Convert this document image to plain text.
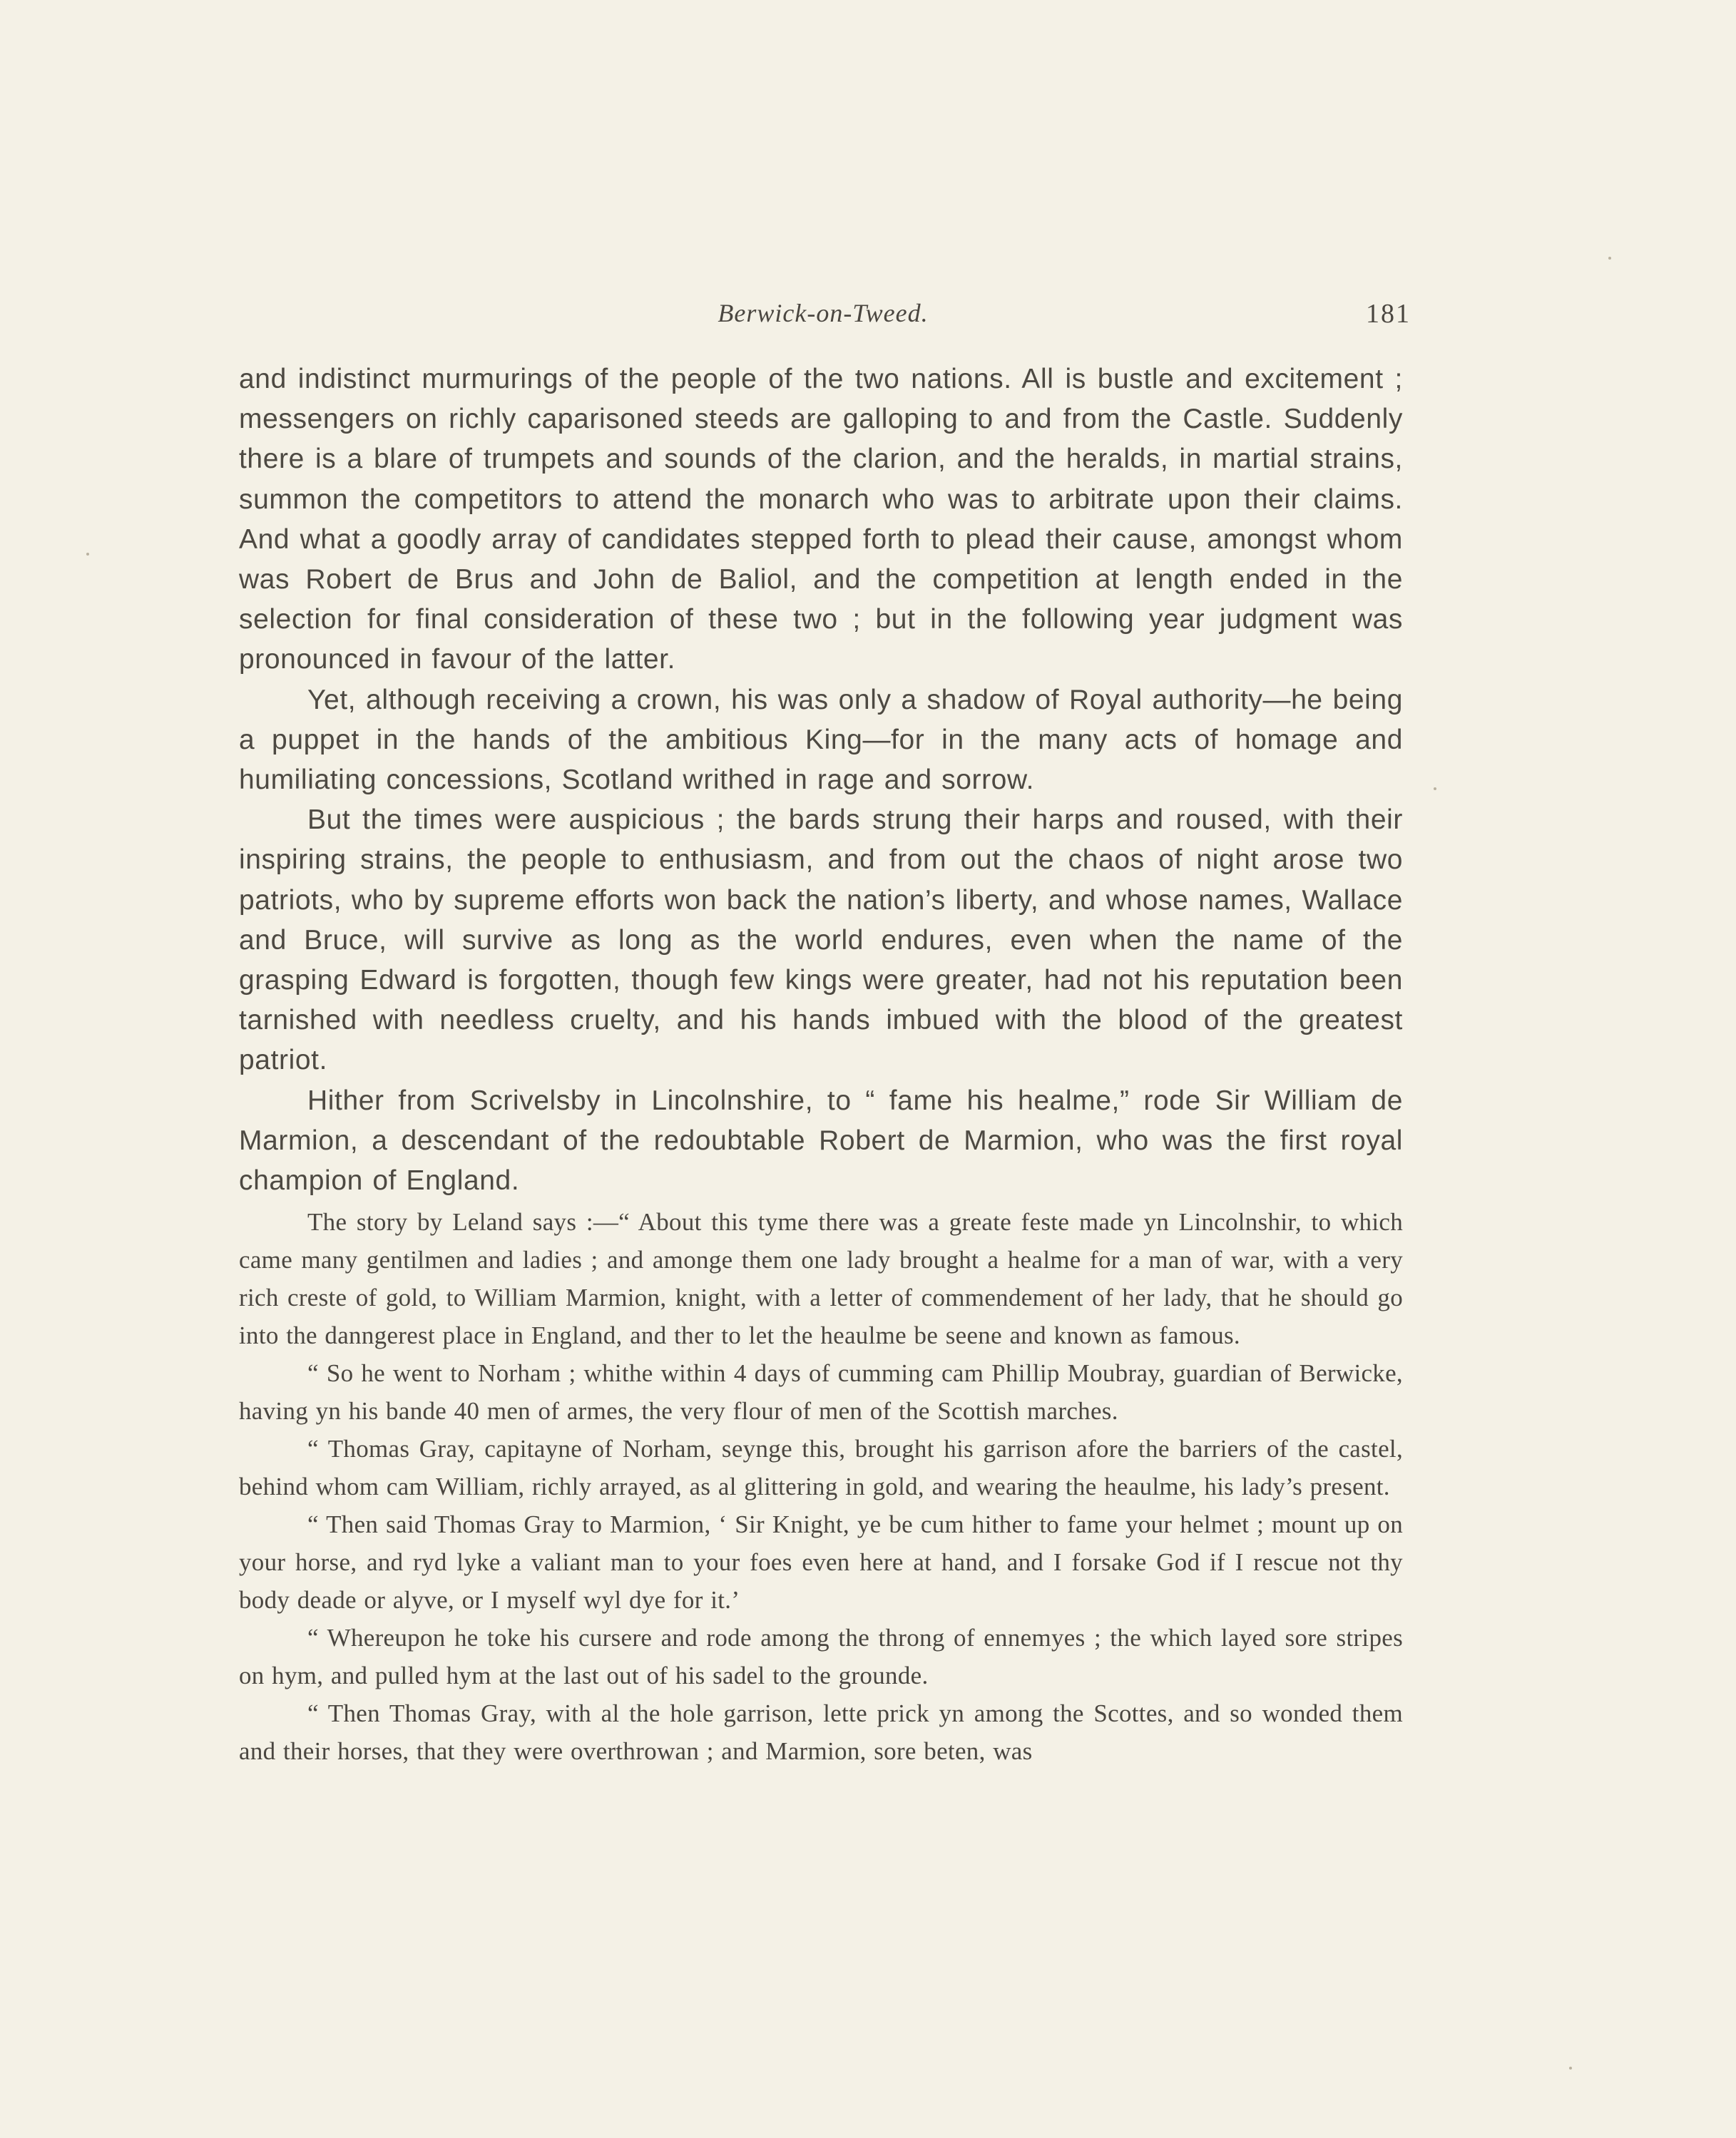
Berwick-on-Tweed.	181

and indistinct murmurings of the people of the two nations. All is bustle and excitement ; messengers on richly caparisoned steeds are galloping to and from the Castle. Suddenly there is a blare of trumpets and sounds of the clarion, and the heralds, in martial strains, summon the competitors to attend the monarch who was to arbitrate upon their claims. And what a goodly array of candidates stepped forth to plead their cause, amongst whom was Robert de Brus and John de Baliol, and the competition at length ended in the selection for final consideration of these two ; but in the following year judgment was pronounced in favour of the latter.

Yet, although receiving a crown, his was only a shadow of Royal authority—he being a puppet in the hands of the ambitious King—for in the many acts of homage and humiliating concessions, Scotland writhed in rage and sorrow.

But the times were auspicious ; the bards strung their harps and roused, with their inspiring strains, the people to enthusiasm, and from out the chaos of night arose two patriots, who by supreme efforts won back the nation’s liberty, and whose names, Wallace and Bruce, will survive as long as the world endures, even when the name of the grasping Edward is forgotten, though few kings were greater, had not his reputation been tarnished with needless cruelty, and his hands imbued with the blood of the greatest patriot.

Hither from Scrivelsby in Lincolnshire, to “ fame his healme,” rode Sir William de Marmion, a descendant of the redoubtable Robert de Marmion, who was the first royal champion of England.

The story by Leland says :—“ About this tyme there was a greate feste made yn Lincolnshir, to which came many gentilmen and ladies ; and amonge them one lady brought a healme for a man of war, with a very rich creste of gold, to William Marmion, knight, with a letter of commendement of her lady, that he should go into the danngerest place in England, and ther to let the heaulme be seene and known as famous.

“ So he went to Norham ; whithe within 4 days of cumming cam Phillip Moubray, guardian of Berwicke, having yn his bande 40 men of armes, the very flour of men of the Scottish marches.

“ Thomas Gray, capitayne of Norham, seynge this, brought his garrison afore the barriers of the castel, behind whom cam William, richly arrayed, as al glittering in gold, and wearing the heaulme, his lady’s present.

“ Then said Thomas Gray to Marmion, ‘ Sir Knight, ye be cum hither to fame your helmet ; mount up on your horse, and ryd lyke a valiant man to your foes even here at hand, and I forsake God if I rescue not thy body deade or alyve, or I myself wyl dye for it.’

“ Whereupon he toke his cursere and rode among the throng of ennemyes ; the which layed sore stripes on hym, and pulled hym at the last out of his sadel to the grounde.

“ Then Thomas Gray, with al the hole garrison, lette prick yn among the Scottes, and so wonded them and their horses, that they were overthrowan ; and Marmion, sore beten, was
